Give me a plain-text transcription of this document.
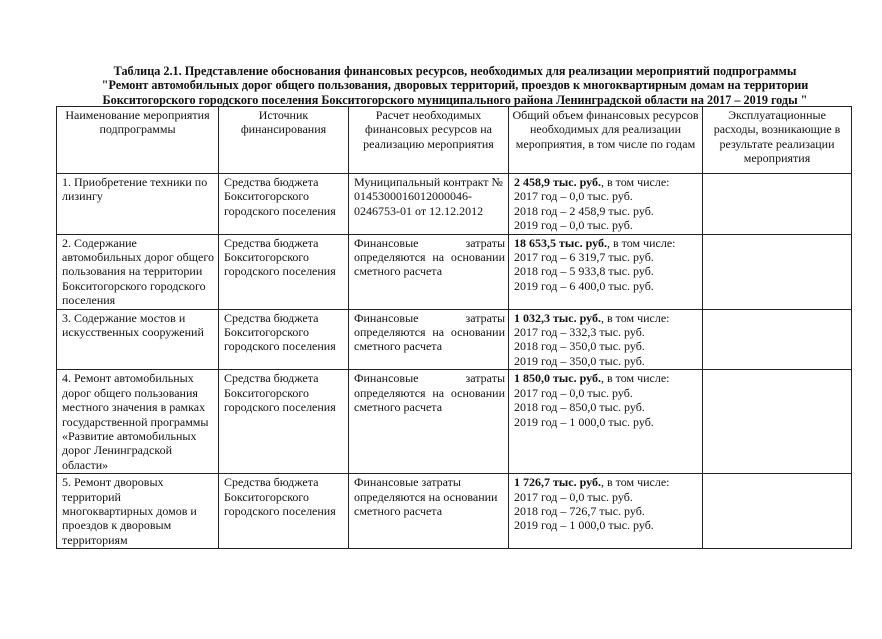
Таблица 2.1. Представление обоснования финансовых ресурсов, необходимых для реализации мероприятий подпрограммы
"Ремонт автомобильных дорог общего пользования, дворовых территорий, проездов к многоквартирным домам на территории
Бокситогорского городского поселения Бокситогорского муниципального района Ленинградской области на 2017 – 2019 годы "
Наименование мероприятия подпрограммы	Источник финансирования	Расчет необходимых финансовых ресурсов на реализацию мероприятия	Общий объем финансовых ресурсов необходимых для реализации мероприятия, в том числе по годам	Эксплуатационные расходы, возникающие в результате реализации мероприятия
1. Приобретение техники по лизингу	Средства бюджета Бокситогорского городского поселения	Муниципальный контракт № 0145300016012000046-0246753-01 от 12.12.2012	2 458,9 тыс. руб., в том числе:
2017 год – 0,0 тыс. руб.
2018 год – 2 458,9 тыс. руб.
2019 год – 0,0 тыс. руб.	

2. Содержание автомобильных дорог общего пользования на территории Бокситогорского городского поселения	Средства бюджета Бокситогорского городского поселения	Финансовые затраты определяются на основании сметного расчета	18 653,5 тыс. руб., в том числе:
2017 год – 6 319,7 тыс. руб.
2018 год – 5 933,8 тыс. руб.
2019 год – 6 400,0 тыс. руб.	

3. Содержание мостов и искусственных сооружений	Средства бюджета Бокситогорского городского поселения	Финансовые затраты определяются на основании сметного расчета	1 032,3 тыс. руб., в том числе:
2017 год – 332,3 тыс. руб.
2018 год – 350,0 тыс. руб.
2019 год – 350,0 тыс. руб.	

4. Ремонт автомобильных дорог общего пользования местного значения в рамках государственной программы «Развитие автомобильных дорог Ленинградской области»	Средства бюджета Бокситогорского городского поселения	Финансовые затраты определяются на основании сметного расчета	1 850,0 тыс. руб., в том числе:
2017 год – 0,0 тыс. руб.
2018 год – 850,0 тыс. руб.
2019 год – 1 000,0 тыс. руб.	

5. Ремонт дворовых территорий многоквартирных домов и проездов к дворовым территориям	Средства бюджета Бокситогорского городского поселения	Финансовые затраты определяются на основании сметного расчета	1 726,7 тыс. руб., в том числе:
2017 год – 0,0 тыс. руб.
2018 год – 726,7 тыс. руб.
2019 год – 1 000,0 тыс. руб.	
